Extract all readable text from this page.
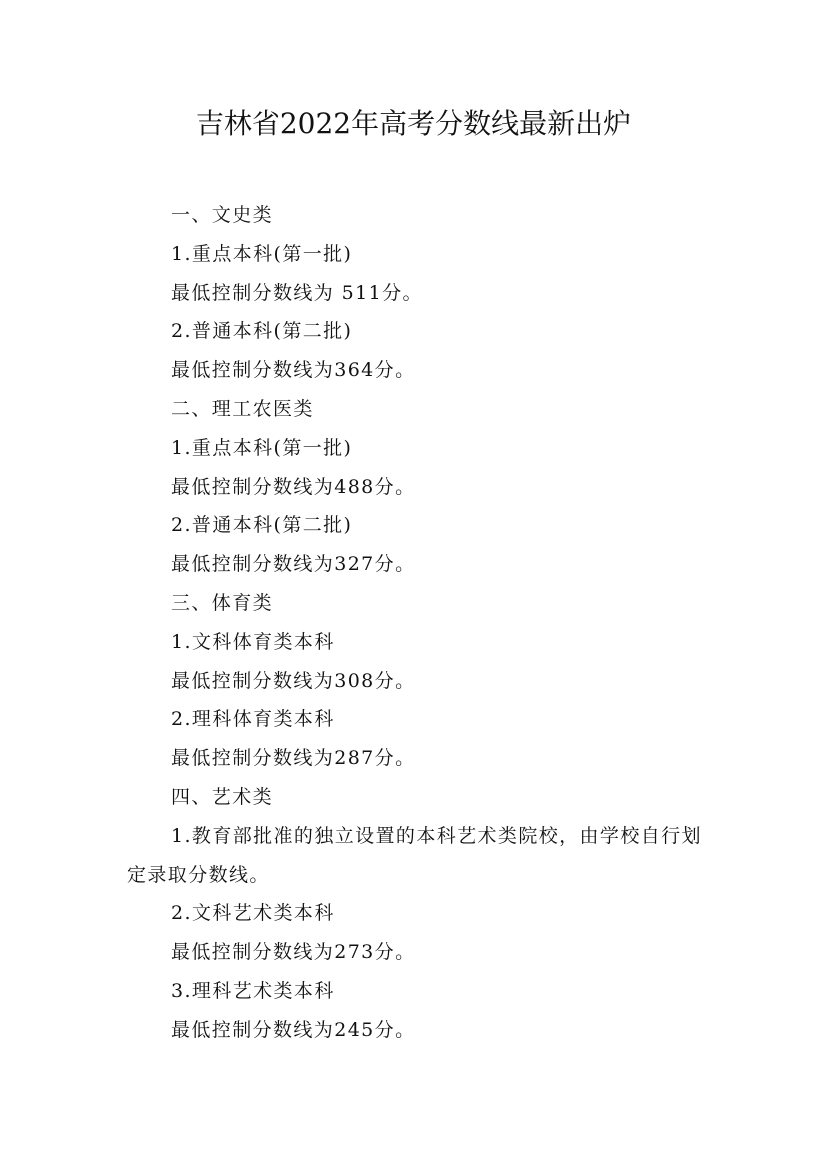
吉林省2022年高考分数线最新出炉
一、文史类
1.重点本科(第一批)
最低控制分数线为 511分。
2.普通本科(第二批)
最低控制分数线为364分。
二、理工农医类
1.重点本科(第一批)
最低控制分数线为488分。
2.普通本科(第二批)
最低控制分数线为327分。
三、体育类
1.文科体育类本科
最低控制分数线为308分。
2.理科体育类本科
最低控制分数线为287分。
四、艺术类
1.教育部批准的独立设置的本科艺术类院校，由学校自行划定录取分数线。
2.文科艺术类本科
最低控制分数线为273分。
3.理科艺术类本科
最低控制分数线为245分。
